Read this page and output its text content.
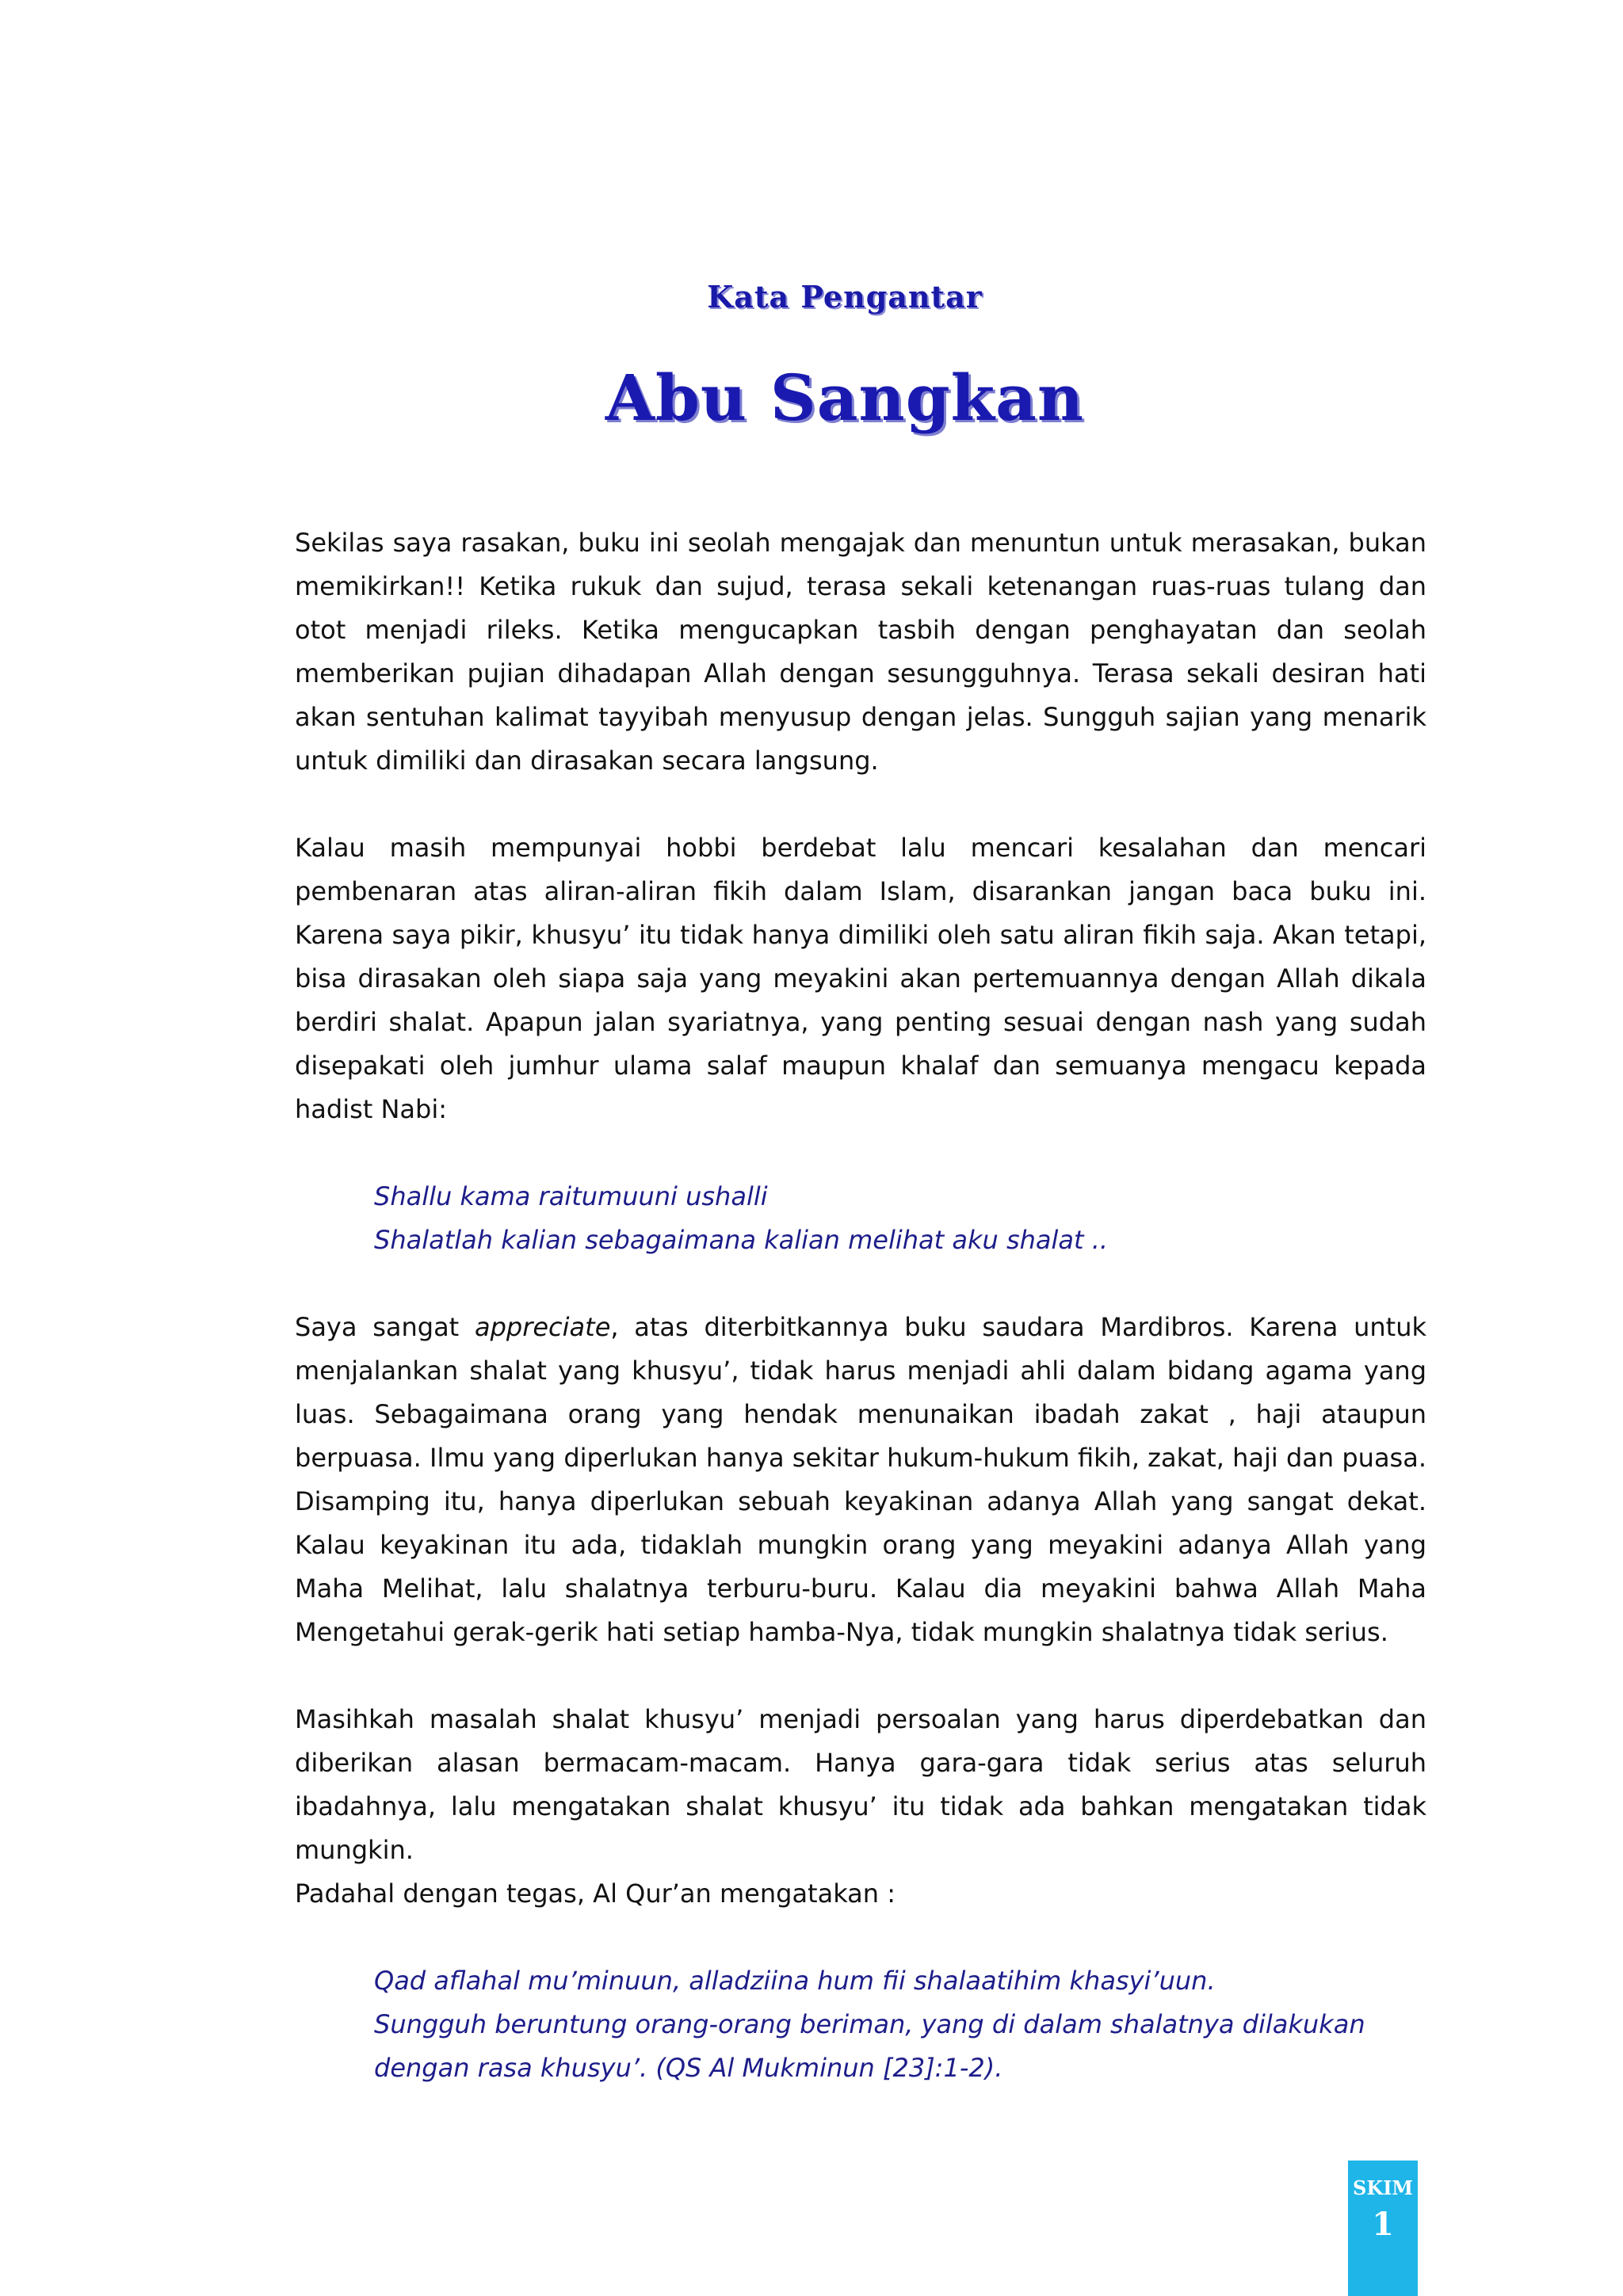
Kata Pengantar
Abu Sangkan

Sekilas saya rasakan, buku ini seolah mengajak dan menuntun untuk merasakan, bukan memikirkan!! Ketika rukuk dan sujud, terasa sekali ketenangan ruas-ruas tulang dan otot menjadi rileks. Ketika mengucapkan tasbih dengan penghayatan dan seolah memberikan pujian dihadapan Allah dengan sesungguhnya. Terasa sekali desiran hati akan sentuhan kalimat tayyibah menyusup dengan jelas. Sungguh sajian yang menarik untuk dimiliki dan dirasakan secara langsung.

Kalau masih mempunyai hobbi berdebat lalu mencari kesalahan dan mencari pembenaran atas aliran-aliran fikih dalam Islam, disarankan jangan baca buku ini. Karena saya pikir, khusyu’ itu tidak hanya dimiliki oleh satu aliran fikih saja. Akan tetapi, bisa dirasakan oleh siapa saja yang meyakini akan pertemuannya dengan Allah dikala berdiri shalat. Apapun jalan syariatnya, yang penting sesuai dengan nash yang sudah disepakati oleh jumhur ulama salaf maupun khalaf dan semuanya mengacu kepada hadist Nabi:

Shallu kama raitumuuni ushalli
Shalatlah kalian sebagaimana kalian melihat aku shalat ..

Saya sangat appreciate, atas diterbitkannya buku saudara Mardibros. Karena untuk menjalankan shalat yang khusyu’, tidak harus menjadi ahli dalam bidang agama yang luas. Sebagaimana orang yang hendak menunaikan ibadah zakat , haji ataupun berpuasa. Ilmu yang diperlukan hanya sekitar hukum-hukum fikih, zakat, haji dan puasa. Disamping itu, hanya diperlukan sebuah keyakinan adanya Allah yang sangat dekat. Kalau keyakinan itu ada, tidaklah mungkin orang yang meyakini adanya Allah yang Maha Melihat, lalu shalatnya terburu-buru. Kalau dia meyakini bahwa Allah Maha Mengetahui gerak-gerik hati setiap hamba-Nya, tidak mungkin shalatnya tidak serius.

Masihkah masalah shalat khusyu’ menjadi persoalan yang harus diperdebatkan dan diberikan alasan bermacam-macam. Hanya gara-gara tidak serius atas seluruh ibadahnya, lalu mengatakan shalat khusyu’ itu tidak ada bahkan mengatakan tidak mungkin.

Padahal dengan tegas, Al Qur’an mengatakan :

Qad aflahal mu’minuun, alladziina hum fii shalaatihim khasyi’uun.
Sungguh beruntung orang-orang beriman, yang di dalam shalatnya dilakukan dengan rasa khusyu’. (QS Al Mukminun [23]:1-2).

SKIM
1
